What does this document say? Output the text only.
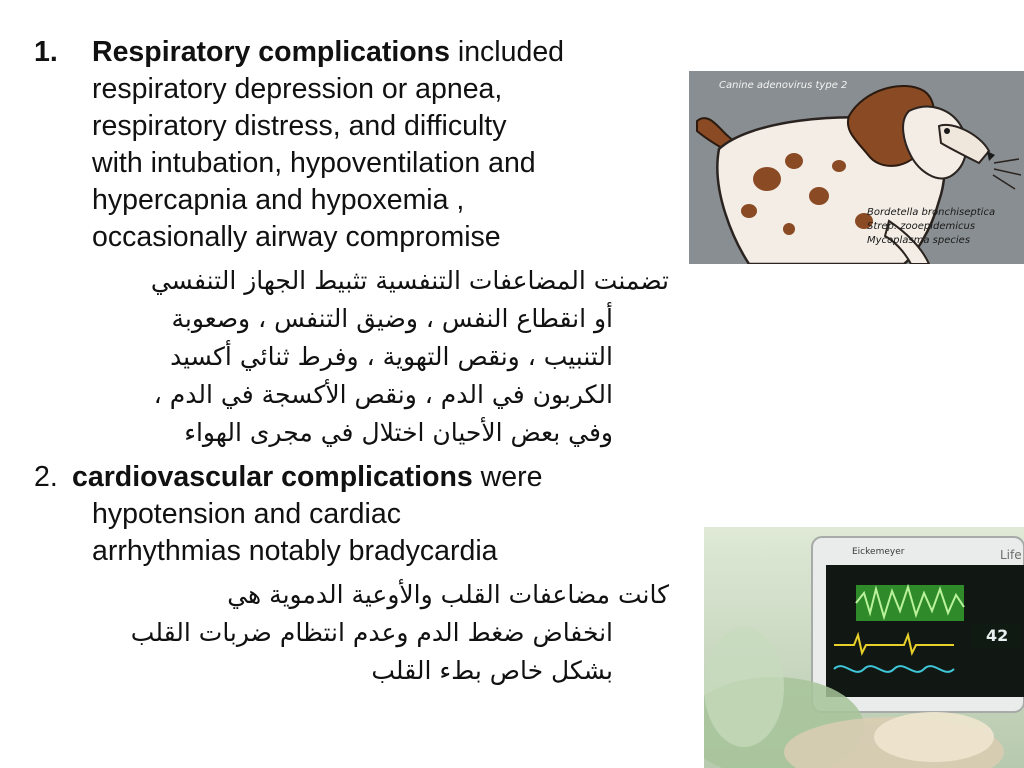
1.	Respiratory complications included
respiratory depression or apnea,
respiratory distress, and difficulty
with intubation, hypoventilation and
hypercapnia and hypoxemia ,
occasionally airway compromise
تضمنت المضاعفات التنفسية تثبيط الجهاز التنفسي
أو انقطاع النفس ، وضيق التنفس ، وصعوبة
التنبيب ، ونقص التهوية ، وفرط ثنائي أكسيد
الكربون في الدم ، ونقص الأكسجة في الدم ،
وفي بعض الأحيان اختلال في مجرى الهواء
2. cardiovascular complications were
hypotension and cardiac
arrhythmias notably bradycardia
كانت مضاعفات القلب والأوعية الدموية هي
انخفاض ضغط الدم وعدم انتظام ضربات القلب
بشكل خاص بطء القلب
Canine adenovirus type 2
Bordetella bronchiseptica
Strep. zooepidemicus
Mycoplasma species
Eickemeyer	Life
42
